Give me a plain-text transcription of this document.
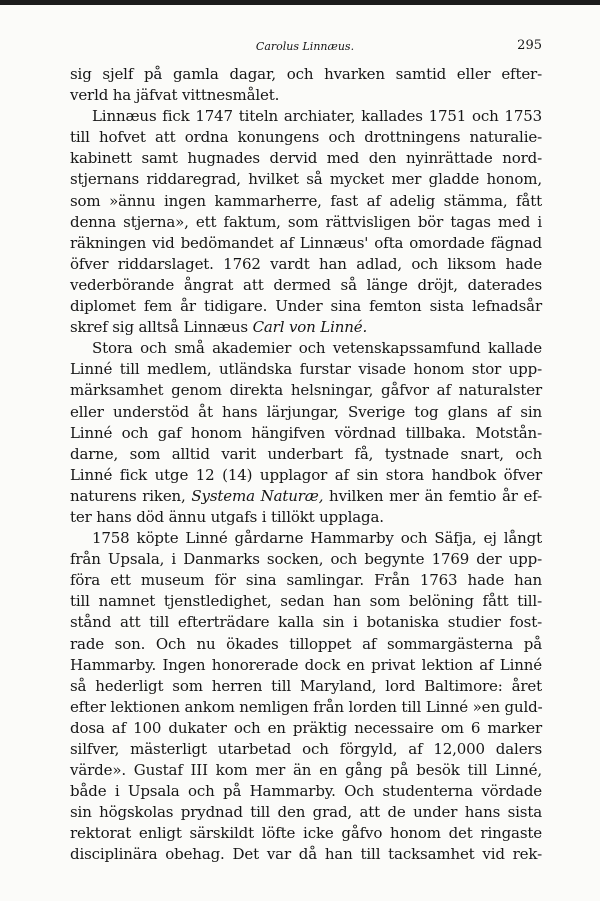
Carolus Linnæus.	295
sig sjelf på gamla dagar, och hvarken samtid eller efter-
verld ha jäfvat vittnesmålet.
Linnæus fick 1747 titeln archiater, kallades 1751 och 1753
till hofvet att ordna konungens och drottningens naturalie-
kabinett samt hugnades dervid med den nyinrättade nord-
stjernans riddaregrad, hvilket så mycket mer gladde honom,
som »ännu ingen kammarherre, fast af adelig stämma, fått
denna stjerna», ett faktum, som rättvisligen bör tagas med i
räkningen vid bedömandet af Linnæus' ofta omordade fägnad
öfver riddarslaget. 1762 vardt han adlad, och liksom hade
vederbörande ångrat att dermed så länge dröjt, daterades
diplomet fem år tidigare. Under sina femton sista lefnadsår
skref sig alltså Linnæus Carl von Linné.
Stora och små akademier och vetenskapssamfund kallade
Linné till medlem, utländska furstar visade honom stor upp-
märksamhet genom direkta helsningar, gåfvor af naturalster
eller understöd åt hans lärjungar, Sverige tog glans af sin
Linné och gaf honom hängifven vördnad tillbaka. Motstån-
darne, som alltid varit underbart få, tystnade snart, och
Linné fick utge 12 (14) upplagor af sin stora handbok öfver
naturens riken, Systema Naturæ, hvilken mer än femtio år ef-
ter hans död ännu utgafs i tillökt upplaga.
1758 köpte Linné gårdarne Hammarby och Säfja, ej långt
från Upsala, i Danmarks socken, och begynte 1769 der upp-
föra ett museum för sina samlingar. Från 1763 hade han
till namnet tjenstledighet, sedan han som belöning fått till-
stånd att till efterträdare kalla sin i botaniska studier fost-
rade son. Och nu ökades tilloppet af sommargästerna på
Hammarby. Ingen honorerade dock en privat lektion af Linné
så hederligt som herren till Maryland, lord Baltimore: året
efter lektionen ankom nemligen från lorden till Linné »en guld-
dosa af 100 dukater och en präktig necessaire om 6 marker
silfver, mästerligt utarbetad och förgyld, af 12,000 dalers
värde». Gustaf III kom mer än en gång på besök till Linné,
både i Upsala och på Hammarby. Och studenterna vördade
sin högskolas prydnad till den grad, att de under hans sista
rektorat enligt särskildt löfte icke gåfvo honom det ringaste
disciplinära obehag. Det var då han till tacksamhet vid rek-
